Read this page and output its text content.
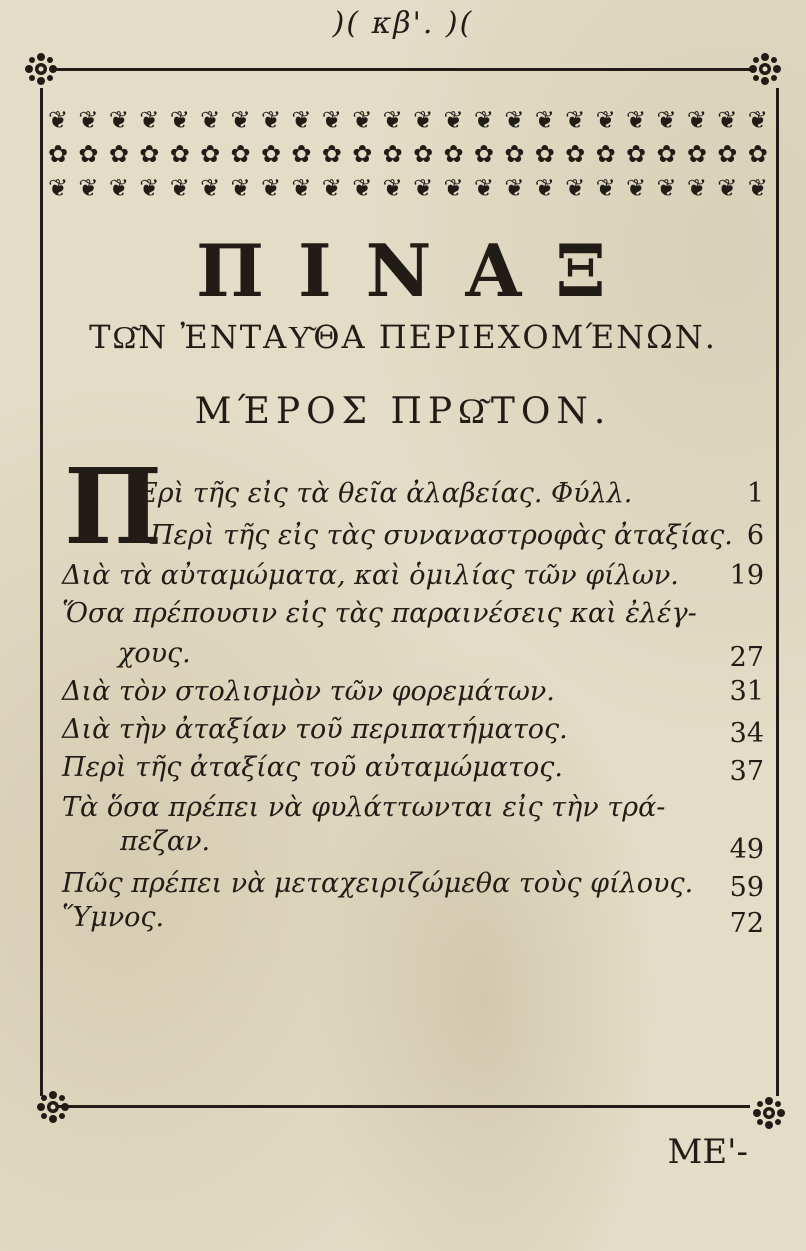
)( κβ'. )(
❦ ❦ ❦ ❦ ❦ ❦ ❦ ❦ ❦ ❦ ❦ ❦ ❦ ❦ ❦ ❦ ❦ ❦ ❦ ❦ ❦ ❦ ❦ ❦
✿ ✿ ✿ ✿ ✿ ✿ ✿ ✿ ✿ ✿ ✿ ✿ ✿ ✿ ✿ ✿ ✿ ✿ ✿ ✿ ✿ ✿ ✿ ✿
❦ ❦ ❦ ❦ ❦ ❦ ❦ ❦ ❦ ❦ ❦ ❦ ❦ ❦ ❦ ❦ ❦ ❦ ❦ ❦ ❦ ❦ ❦ ❦
ΠΙΝΑΞ
ΤΩ͂Ν ἘΝΤΑΥ͂ΘΑ ΠΕΡΙΕΧΟΜΈΝΩΝ.
ΜΈΡΟΣ ΠΡΩ͂ΤΟΝ.
Π
Ερὶ τῆς εἰς τὰ θεῖα ἀλαβείας. Φύλλ.	1
Περὶ τῆς εἰς τὰς συναναστροφὰς ἀταξίας. 6
Διὰ τὰ αὐταμώματα, καὶ ὁμιλίας τῶν φίλων.	19
Ὅσα πρέπουσιν εἰς τὰς παραινέσεις καὶ ἐλέγ-
χους.	27
Διὰ τὸν στολισμὸν τῶν φορεμάτων.	31
Διὰ τὴν ἀταξίαν τοῦ περιπατήματος.	34
Περὶ τῆς ἀταξίας τοῦ αὐταμώματος.	37
Τὰ ὅσα πρέπει νὰ φυλάττωνται εἰς τὴν τρά-
πεζαν.	49
Πῶς πρέπει νὰ μεταχειριζώμεθα τοὺς φίλους.	59
Ὕμνος.	72
ΜΕ'-
